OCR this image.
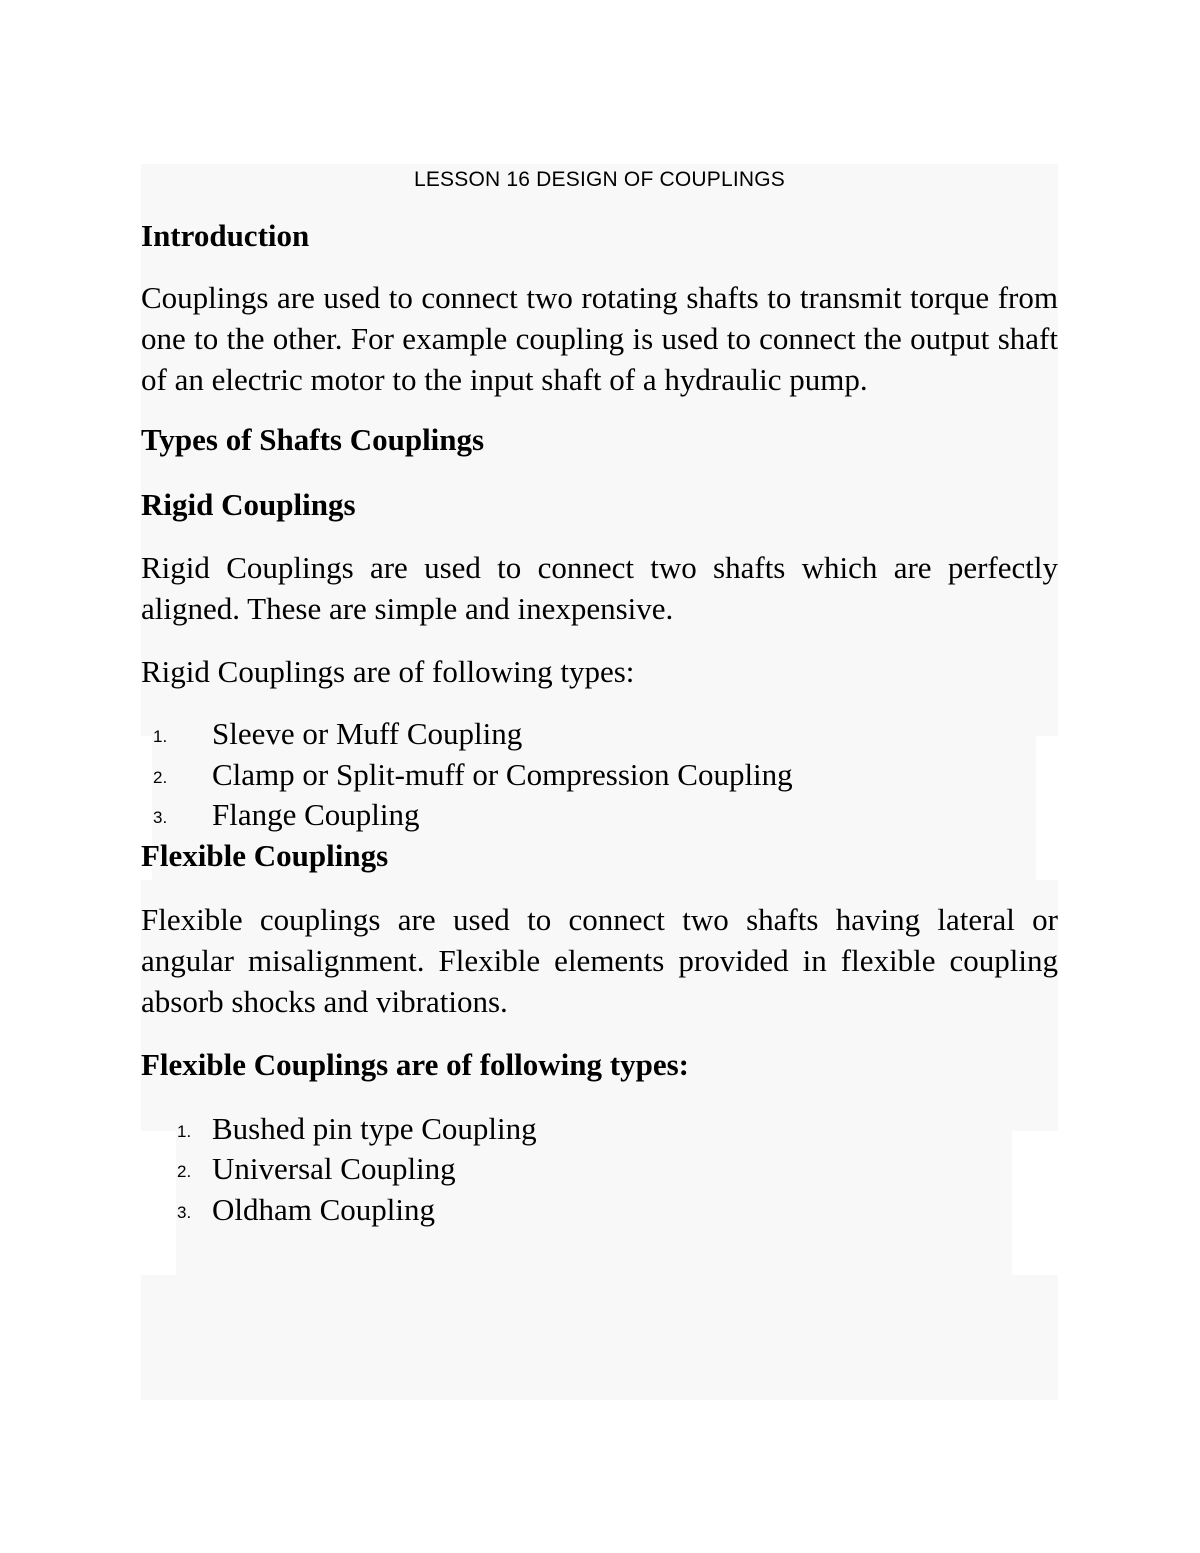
LESSON 16 DESIGN OF COUPLINGS
Introduction

Couplings are used to connect two rotating shafts to transmit torque from one to the other. For example coupling is used to connect the output shaft of an electric motor to the input shaft of a hydraulic pump.

Types of Shafts Couplings
Rigid Couplings

Rigid Couplings are used to connect two shafts which are perfectly aligned. These are simple and inexpensive.

Rigid Couplings are of following types:

1. Sleeve or Muff Coupling
2. Clamp or Split-muff or Compression Coupling
3. Flange Coupling
Flexible Couplings

Flexible couplings are used to connect two shafts having lateral or angular misalignment. Flexible elements provided in flexible coupling absorb shocks and vibrations.

Flexible Couplings are of following types:
1. Bushed pin type Coupling
2. Universal Coupling
3. Oldham Coupling
